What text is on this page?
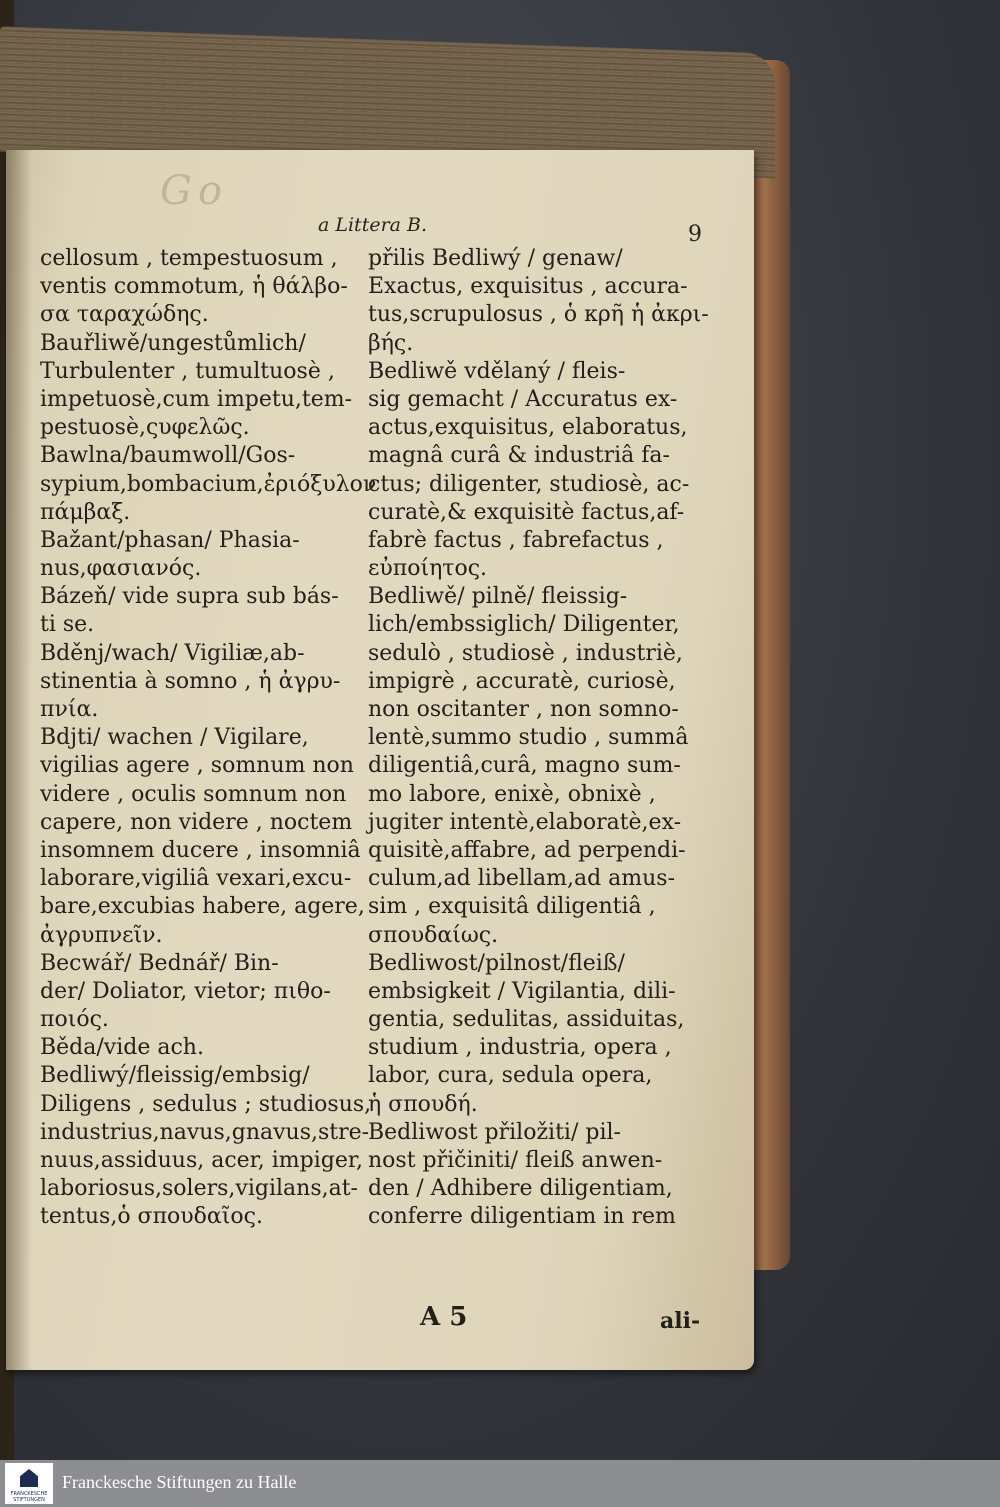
Go
a Littera B.	9
cellosum , tempestuosum ,
ventis commotum, ἡ θάλβο-
σα ταραχώδης.
Bauřliwě/ungestůmlich/
Turbulenter , tumultuosè ,
impetuosè,cum impetu,tem-
pestuosè,ςυφελῶς.
Bawlna/baumwoll/Gos-
sypium,bombacium,ἐριόξυλον
πάμβαξ.
Bažant/phasan/ Phasia-
nus,φασιανός.
Bázeň/ vide supra sub bás-
ti se.
Bděnj/wach/ Vigiliæ,ab-
stinentia à somno , ἡ ἀγρυ-
πνία.
Bdjti/ wachen / Vigilare,
vigilias agere , somnum non
videre , oculis somnum non
capere, non videre , noctem
insomnem ducere , insomniâ
laborare,vigiliâ vexari,excu-
bare,excubias habere, agere,
ἀγρυπνεῖν.
Becwář/ Bednář/ Bin-
der/ Doliator, vietor; πιθο-
ποιός.
Běda/vide ach.
Bedliwý/fleissig/embsig/
Diligens , sedulus ; studiosus,
industrius,navus,gnavus,stre-
nuus,assiduus, acer, impiger,
laboriosus,solers,vigilans,at-
tentus,ὁ σπουδαῖος.
přilis Bedliwý / genaw/
Exactus, exquisitus , accura-
tus,scrupulosus , ὁ κρῆ ἡ ἀκρι-
βής.
Bedliwě vdělaný / fleis-
sig gemacht / Accuratus ex-
actus,exquisitus, elaboratus,
magnâ curâ & industriâ fa-
ctus; diligenter, studiosè, ac-
curatè,& exquisitè factus,af-
fabrè factus , fabrefactus ,
εὐποίητος.
Bedliwě/ pilně/ fleissig-
lich/embssiglich/ Diligenter,
sedulò , studiosè , industriè,
impigrè , accuratè, curiosè,
non oscitanter , non somno-
lentè,summo studio , summâ
diligentiâ,curâ, magno sum-
mo labore, enixè, obnixè ,
jugiter intentè,elaboratè,ex-
quisitè,affabre, ad perpendi-
culum,ad libellam,ad amus-
sim , exquisitâ diligentiâ ,
σπουδαίως.
Bedliwost/pilnost/fleiß/
embsigkeit / Vigilantia, dili-
gentia, sedulitas, assiduitas,
studium , industria, opera ,
labor, cura, sedula opera,
ἡ σπουδή.
Bedliwost přiložiti/ pil-
nost přičiniti/ fleiß anwen-
den / Adhibere diligentiam,
conferre diligentiam in rem
A 5	ali-
FRANCKESCHE STIFTUNGEN
Franckesche Stiftungen zu Halle
